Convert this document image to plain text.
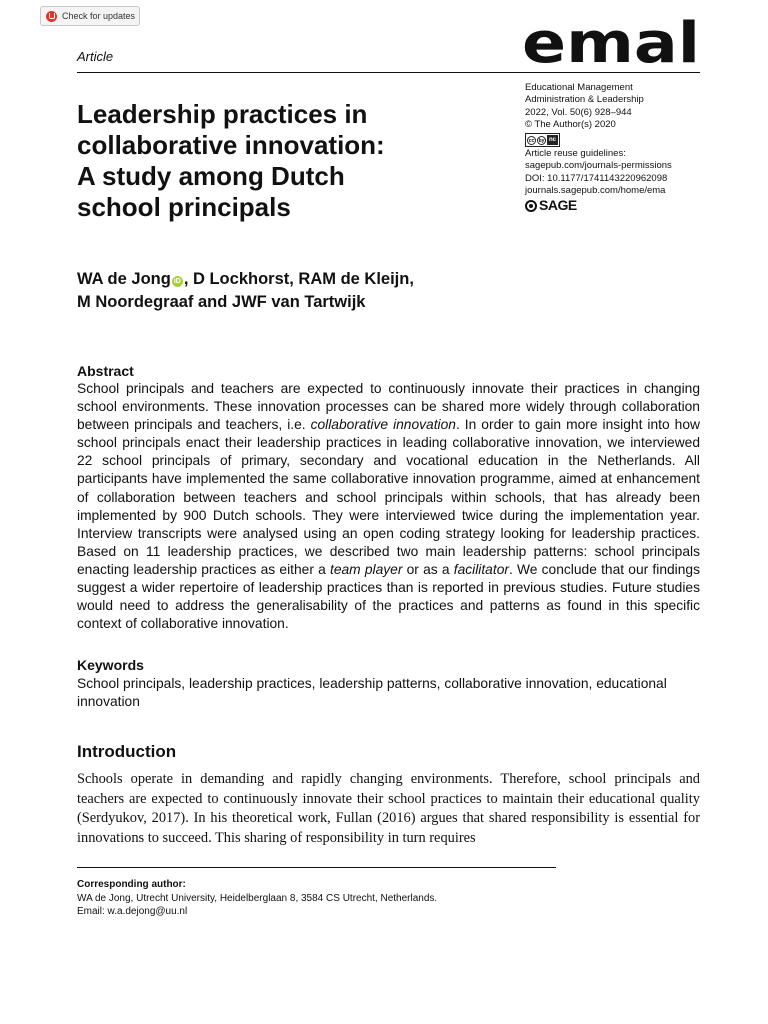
Check for updates
Article	emal
Educational Management
Administration & Leadership
2022, Vol. 50(6) 928–944
© The Author(s) 2020
cc by nc
Article reuse guidelines:
sagepub.com/journals-permissions
DOI: 10.1177/1741143220962098
journals.sagepub.com/home/ema
SAGE
Leadership practices in
collaborative innovation:
A study among Dutch
school principals
WA de Jong iD , D Lockhorst, RAM de Kleijn,
M Noordegraaf and JWF van Tartwijk
Abstract
School principals and teachers are expected to continuously innovate their practices in changing school environments. These innovation processes can be shared more widely through collaboration between principals and teachers, i.e. collaborative innovation. In order to gain more insight into how school principals enact their leadership practices in leading collaborative innovation, we interviewed 22 school principals of primary, secondary and vocational education in the Netherlands. All participants have implemented the same collaborative innovation programme, aimed at enhancement of collaboration between teachers and school principals within schools, that has already been implemented by 900 Dutch schools. They were interviewed twice during the implementation year. Interview transcripts were analysed using an open coding strategy looking for leadership practices. Based on 11 leadership practices, we described two main leadership patterns: school principals enacting leadership practices as either a team player or as a facilitator. We conclude that our findings suggest a wider repertoire of leadership practices than is reported in previous studies. Future studies would need to address the generalisability of the practices and patterns as found in this specific context of collaborative innovation.
Keywords
School principals, leadership practices, leadership patterns, collaborative innovation, educational innovation
Introduction
Schools operate in demanding and rapidly changing environments. Therefore, school principals and teachers are expected to continuously innovate their school practices to maintain their educational quality (Serdyukov, 2017). In his theoretical work, Fullan (2016) argues that shared responsibility is essential for innovations to succeed. This sharing of responsibility in turn requires
Corresponding author:
WA de Jong, Utrecht University, Heidelberglaan 8, 3584 CS Utrecht, Netherlands.
Email: w.a.dejong@uu.nl
